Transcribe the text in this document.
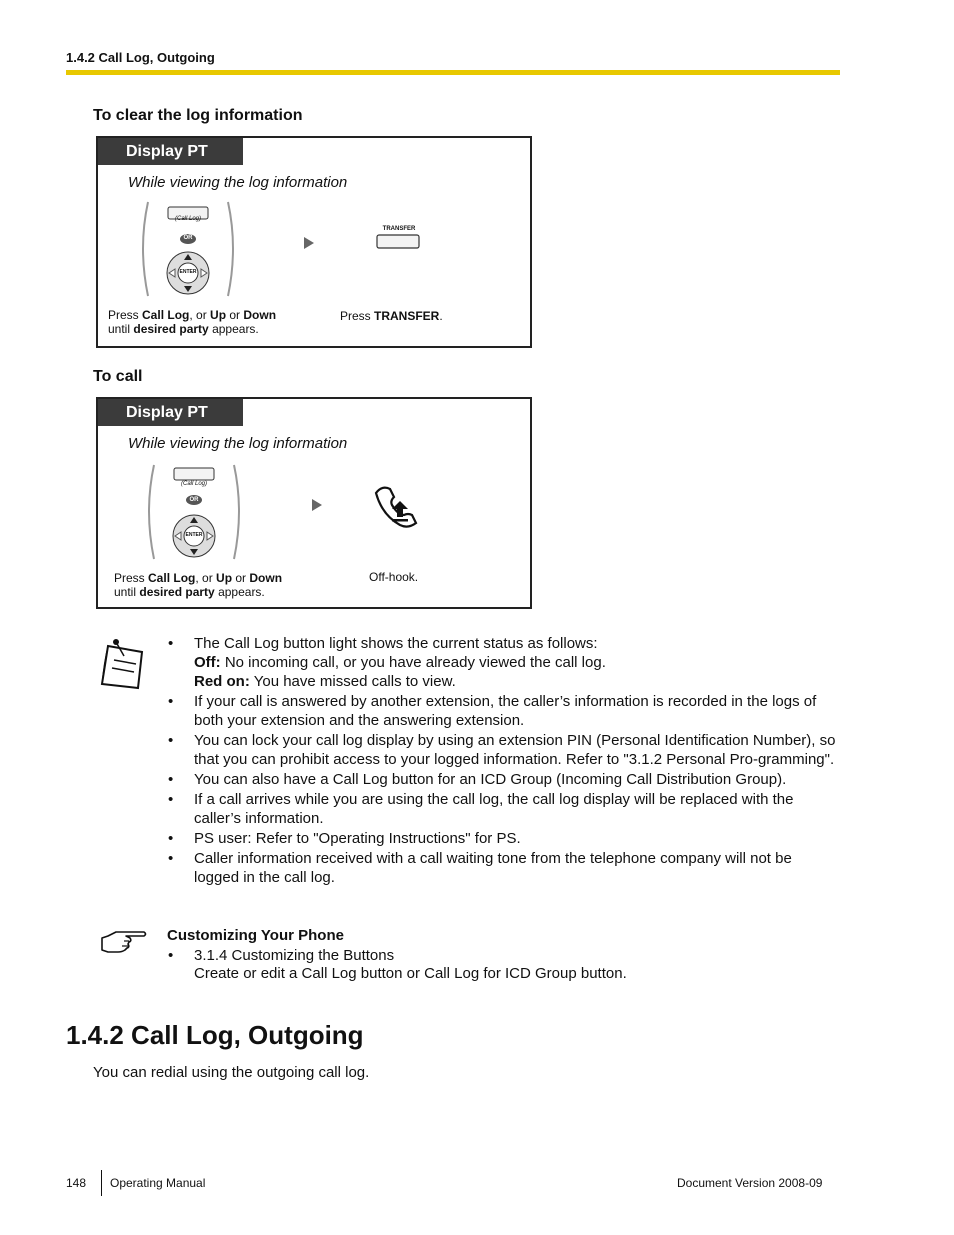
1.4.2 Call Log, Outgoing
To clear the log information
Display PT
While viewing the log information
(Call Log)
OR
ENTER
TRANSFER
Press Call Log, or Up or Down
until desired party appears.
Press TRANSFER.
To call
Display PT
While viewing the log information
(Call Log)
OR
ENTER
Press Call Log, or Up or Down
until desired party appears.
Off-hook.
• The Call Log button light shows the current status as follows:
Off: No incoming call, or you have already viewed the call log.
Red on: You have missed calls to view.
• If your call is answered by another extension, the caller’s information is recorded in the logs of both your extension and the answering extension.
• You can lock your call log display by using an extension PIN (Personal Identification Number), so that you can prohibit access to your logged information. Refer to "3.1.2 Personal Pro-gramming".
• You can also have a Call Log button for an ICD Group (Incoming Call Distribution Group).
• If a call arrives while you are using the call log, the call log display will be replaced with the caller’s information.
• PS user: Refer to "Operating Instructions" for PS.
• Caller information received with a call waiting tone from the telephone company will not be logged in the call log.
Customizing Your Phone
• 3.1.4 Customizing the Buttons
Create or edit a Call Log button or Call Log for ICD Group button.
1.4.2 Call Log, Outgoing
You can redial using the outgoing call log.
148 Operating Manual	Document Version 2008-09
